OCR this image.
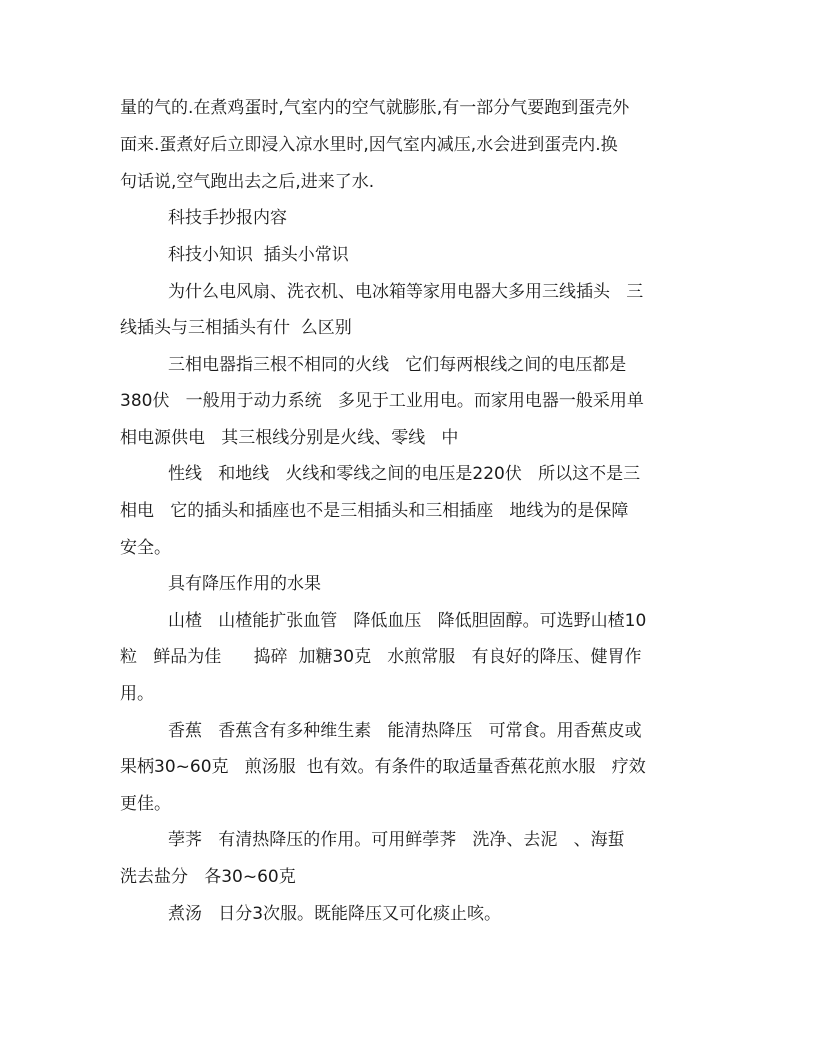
量的气的.在煮鸡蛋时,气室内的空气就膨胀,有一部分气要跑到蛋壳外

面来.蛋煮好后立即浸入凉水里时,因气室内减压,水会进到蛋壳内.换

句话说,空气跑出去之后,进来了水.

科技手抄报内容

科技小知识  插头小常识

为什么电风扇、洗衣机、电冰箱等家用电器大多用三线插头   三

线插头与三相插头有什  么区别

三相电器指三根不相同的火线   它们每两根线之间的电压都是

380伏   一般用于动力系统   多见于工业用电。而家用电器一般采用单

相电源供电   其三根线分别是火线、零线   中

性线   和地线   火线和零线之间的电压是220伏   所以这不是三

相电   它的插头和插座也不是三相插头和三相插座   地线为的是保障

安全。

具有降压作用的水果

山楂   山楂能扩张血管   降低血压   降低胆固醇。可选野山楂10

粒   鲜品为佳      捣碎  加糖30克   水煎常服   有良好的降压、健胃作

用。

香蕉   香蕉含有多种维生素   能清热降压   可常食。用香蕉皮或

果柄30~60克   煎汤服  也有效。有条件的取适量香蕉花煎水服   疗效

更佳。

荸荠   有清热降压的作用。可用鲜荸荠   洗净、去泥   、海蜇

洗去盐分   各30~60克

煮汤   日分3次服。既能降压又可化痰止咳。
